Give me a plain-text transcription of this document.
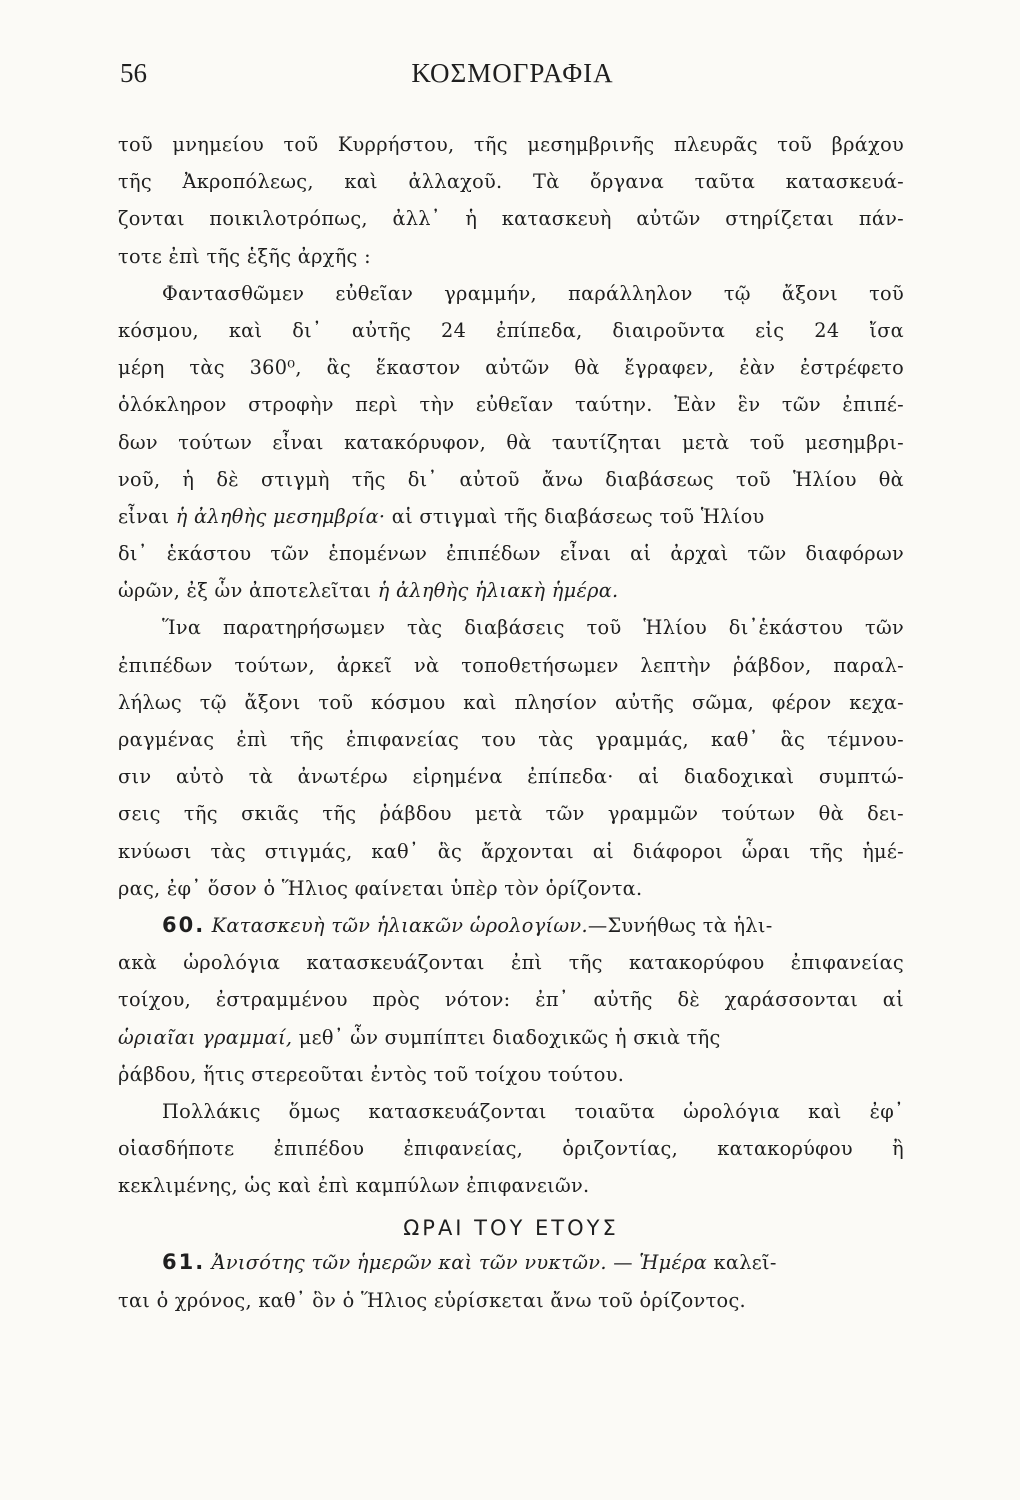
56	ΚΟΣΜΟΓΡΑΦΙΑ
τοῦ μνημείου τοῦ Κυρρήστου, τῆς μεσημβρινῆς πλευρᾶς τοῦ βράχου
τῆς Ἀκροπόλεως, καὶ ἀλλαχοῦ. Τὰ ὄργανα ταῦτα κατασκευά-
ζονται ποικιλοτρόπως, ἀλλ᾽ ἡ κατασκευὴ αὐτῶν στηρίζεται πάν-
τοτε ἐπὶ τῆς ἑξῆς ἀρχῆς :
Φαντασθῶμεν εὐθεῖαν γραμμήν, παράλληλον τῷ ἄξονι τοῦ
κόσμου, καὶ δι᾽ αὐτῆς 24 ἐπίπεδα, διαιροῦντα εἰς 24 ἴσα
μέρη τὰς 360⁰, ἃς ἕκαστον αὐτῶν θὰ ἔγραφεν, ἐὰν ἐστρέφετο
ὁλόκληρον στροφὴν περὶ τὴν εὐθεῖαν ταύτην. Ἐὰν ἓν τῶν ἐπιπέ-
δων τούτων εἶναι κατακόρυφον, θὰ ταυτίζηται μετὰ τοῦ μεσημβρι-
νοῦ, ἡ δὲ στιγμὴ τῆς δι᾽ αὐτοῦ ἄνω διαβάσεως τοῦ Ἡλίου θὰ
εἶναι ἡ ἀληθὴς μεσημβρία· αἱ στιγμαὶ τῆς διαβάσεως τοῦ Ἡλίου
δι᾽ ἑκάστου τῶν ἑπομένων ἐπιπέδων εἶναι αἱ ἀρχαὶ τῶν διαφόρων
ὡρῶν, ἐξ ὧν ἀποτελεῖται ἡ ἀληθὴς ἡλιακὴ ἡμέρα.
Ἵνα παρατηρήσωμεν τὰς διαβάσεις τοῦ Ἡλίου δι᾽ἑκάστου τῶν
ἐπιπέδων τούτων, ἀρκεῖ νὰ τοποθετήσωμεν λεπτὴν ῥάβδον, παραλ-
λήλως τῷ ἄξονι τοῦ κόσμου καὶ πλησίον αὐτῆς σῶμα, φέρον κεχα-
ραγμένας ἐπὶ τῆς ἐπιφανείας του τὰς γραμμάς, καθ᾽ ἃς τέμνου-
σιν αὐτὸ τὰ ἀνωτέρω εἰρημένα ἐπίπεδα· αἱ διαδοχικαὶ συμπτώ-
σεις τῆς σκιᾶς τῆς ῥάβδου μετὰ τῶν γραμμῶν τούτων θὰ δει-
κνύωσι τὰς στιγμάς, καθ᾽ ἃς ἄρχονται αἱ διάφοροι ὧραι τῆς ἡμέ-
ρας, ἐφ᾽ ὅσον ὁ Ἥλιος φαίνεται ὑπὲρ τὸν ὁρίζοντα.
60. Κατασκευὴ τῶν ἡλιακῶν ὡρολογίων.—Συνήθως τὰ ἡλι-
ακὰ ὡρολόγια κατασκευάζονται ἐπὶ τῆς κατακορύφου ἐπιφανείας
τοίχου, ἐστραμμένου πρὸς νότον: ἐπ᾽ αὐτῆς δὲ χαράσσονται αἱ
ὡριαῖαι γραμμαί, μεθ᾽ ὧν συμπίπτει διαδοχικῶς ἡ σκιὰ τῆς
ῥάβδου, ἥτις στερεοῦται ἐντὸς τοῦ τοίχου τούτου.
Πολλάκις ὅμως κατασκευάζονται τοιαῦτα ὡρολόγια καὶ ἐφ᾽
οἱασδήποτε ἐπιπέδου ἐπιφανείας, ὁριζοντίας, κατακορύφου ἢ
κεκλιμένης, ὡς καὶ ἐπὶ καμπύλων ἐπιφανειῶν.
ΩΡΑΙ ΤΟΥ ΕΤΟΥΣ
61. Ἀνισότης τῶν ἡμερῶν καὶ τῶν νυκτῶν. — Ἡμέρα καλεῖ-
ται ὁ χρόνος, καθ᾽ ὃν ὁ Ἥλιος εὑρίσκεται ἄνω τοῦ ὁρίζοντος.
